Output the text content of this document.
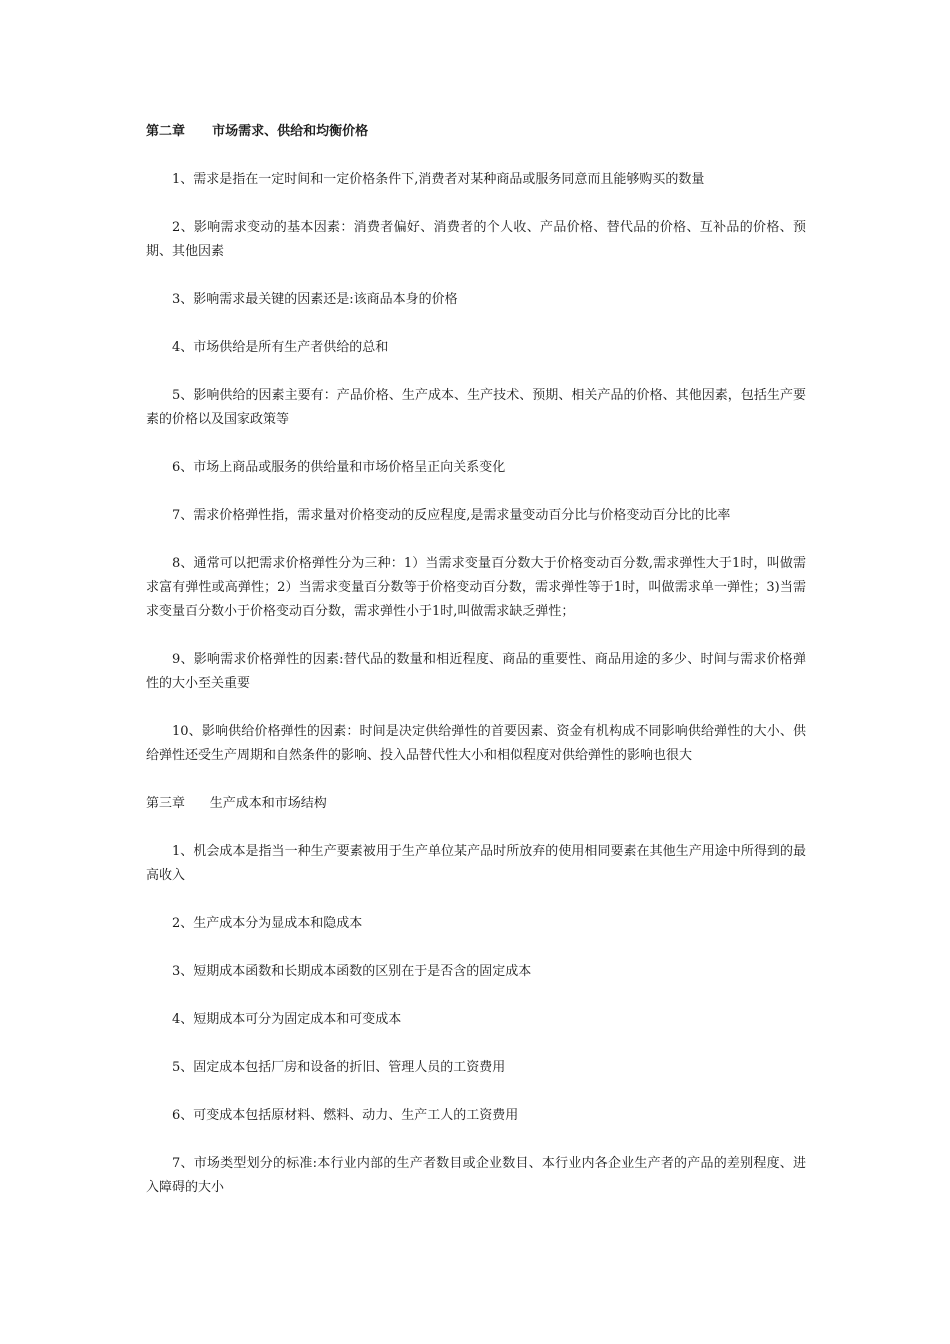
第二章      市场需求、供给和均衡价格

1、需求是指在一定时间和一定价格条件下,消费者对某种商品或服务同意而且能够购买的数量

2、影响需求变动的基本因素：消费者偏好、消费者的个人收、产品价格、替代品的价格、互补品的价格、预期、其他因素

3、影响需求最关键的因素还是:该商品本身的价格

4、市场供给是所有生产者供给的总和

5、影响供给的因素主要有：产品价格、生产成本、生产技术、预期、相关产品的价格、其他因素，包括生产要素的价格以及国家政策等

6、市场上商品或服务的供给量和市场价格呈正向关系变化

7、需求价格弹性指，需求量对价格变动的反应程度,是需求量变动百分比与价格变动百分比的比率

8、通常可以把需求价格弹性分为三种：1）当需求变量百分数大于价格变动百分数,需求弹性大于1时，叫做需求富有弹性或高弹性；2）当需求变量百分数等于价格变动百分数，需求弹性等于1时，叫做需求单一弹性；3)当需求变量百分数小于价格变动百分数，需求弹性小于1时,叫做需求缺乏弹性；

9、影响需求价格弹性的因素:替代品的数量和相近程度、商品的重要性、商品用途的多少、时间与需求价格弹性的大小至关重要

10、影响供给价格弹性的因素：时间是决定供给弹性的首要因素、资金有机构成不同影响供给弹性的大小、供给弹性还受生产周期和自然条件的影响、投入品替代性大小和相似程度对供给弹性的影响也很大

第三章      生产成本和市场结构

1、机会成本是指当一种生产要素被用于生产单位某产品时所放弃的使用相同要素在其他生产用途中所得到的最高收入

2、生产成本分为显成本和隐成本

3、短期成本函数和长期成本函数的区别在于是否含的固定成本

4、短期成本可分为固定成本和可变成本

5、固定成本包括厂房和设备的折旧、管理人员的工资费用

6、可变成本包括原材料、燃料、动力、生产工人的工资费用

7、市场类型划分的标准:本行业内部的生产者数目或企业数目、本行业内各企业生产者的产品的差别程度、进入障碍的大小
